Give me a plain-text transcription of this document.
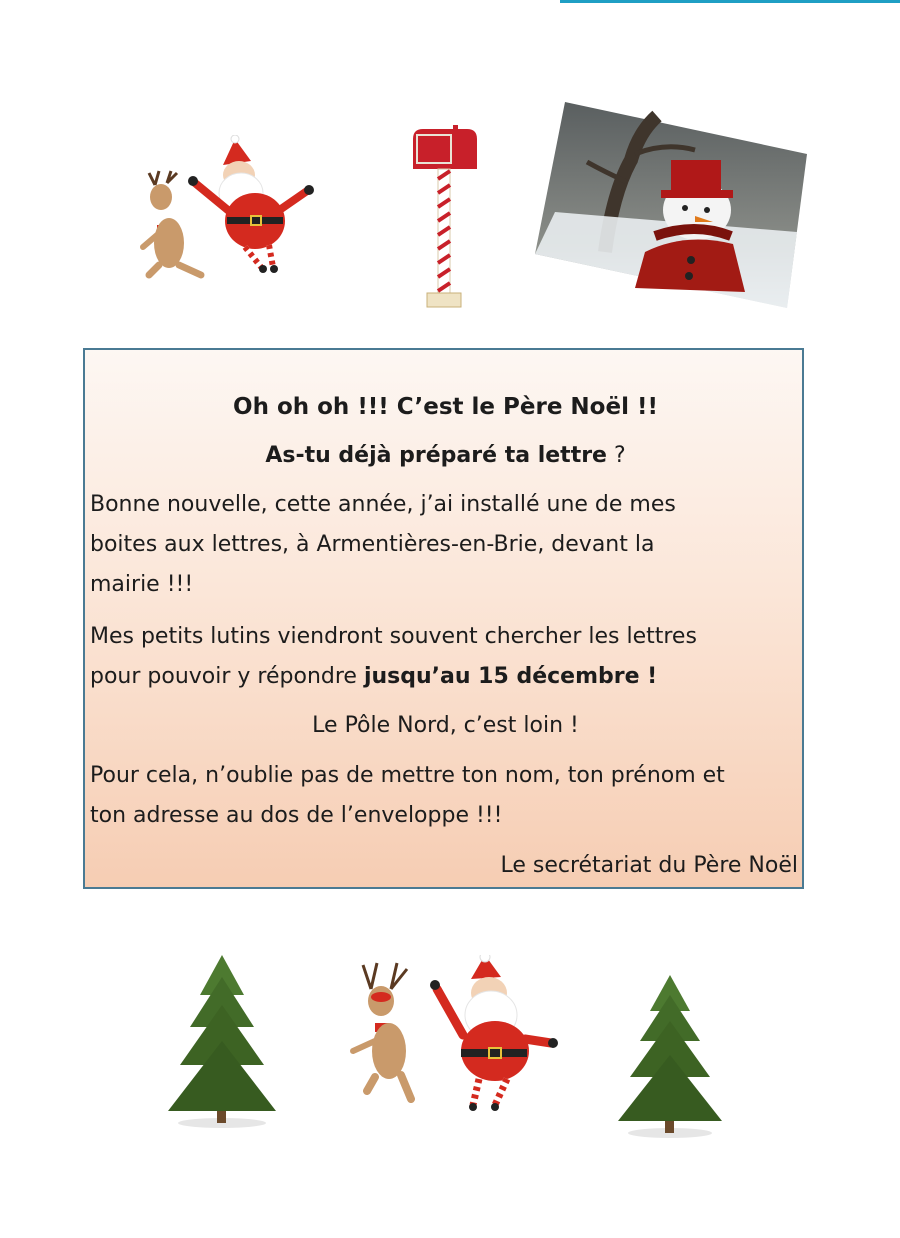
Oh oh oh !!! C’est le Père Noël !!
As-tu déjà préparé ta lettre ?
Bonne nouvelle, cette année, j’ai installé une de mes
boites aux lettres, à Armentières-en-Brie, devant la
mairie !!!
Mes petits lutins viendront souvent chercher les lettres
pour pouvoir y répondre jusqu’au 15 décembre !
Le Pôle Nord, c’est loin !
Pour cela, n’oublie pas de mettre ton nom, ton prénom et
ton adresse au dos de l’enveloppe !!!
Le secrétariat du Père Noël
